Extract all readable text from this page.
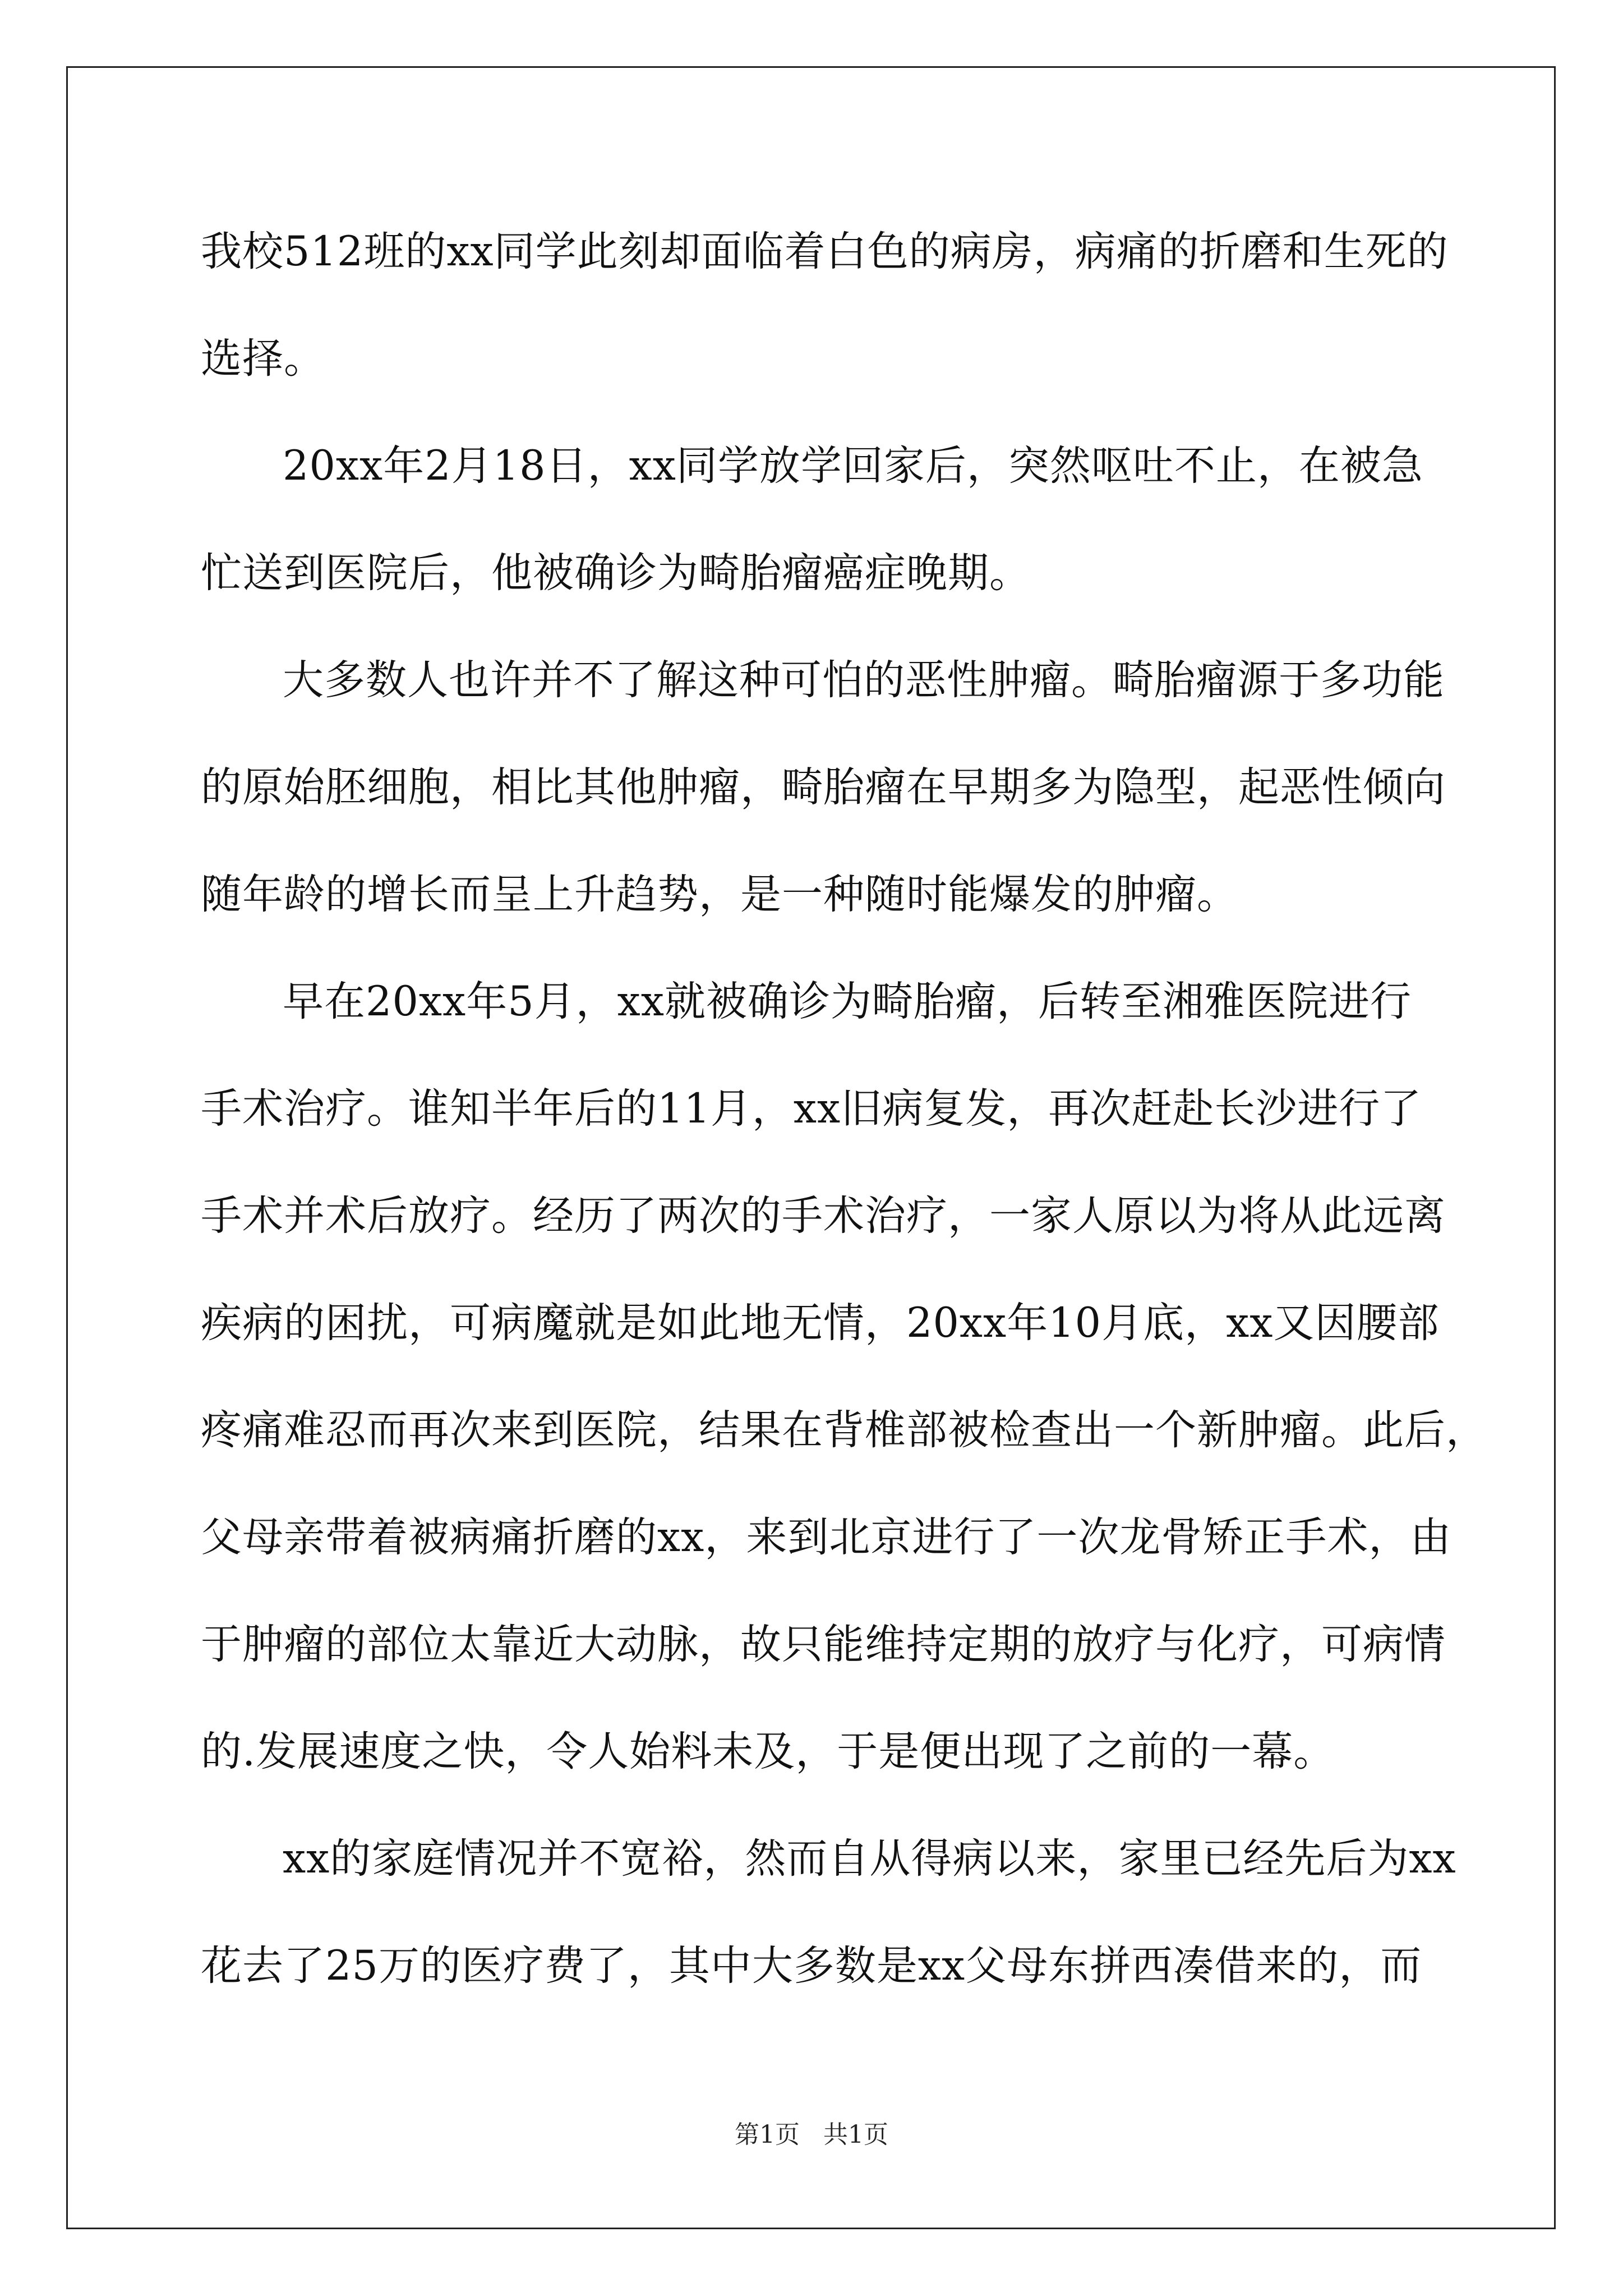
我校512班的xx同学此刻却面临着白色的病房，病痛的折磨和生死的
选择。
20xx年2月18日，xx同学放学回家后，突然呕吐不止，在被急
忙送到医院后，他被确诊为畸胎瘤癌症晚期。
大多数人也许并不了解这种可怕的恶性肿瘤。畸胎瘤源于多功能
的原始胚细胞，相比其他肿瘤，畸胎瘤在早期多为隐型，起恶性倾向
随年龄的增长而呈上升趋势，是一种随时能爆发的肿瘤。
早在20xx年5月，xx就被确诊为畸胎瘤，后转至湘雅医院进行
手术治疗。谁知半年后的11月，xx旧病复发，再次赶赴长沙进行了
手术并术后放疗。经历了两次的手术治疗，一家人原以为将从此远离
疾病的困扰，可病魔就是如此地无情，20xx年10月底，xx又因腰部
疼痛难忍而再次来到医院，结果在背椎部被检查出一个新肿瘤。此后，
父母亲带着被病痛折磨的xx，来到北京进行了一次龙骨矫正手术，由
于肿瘤的部位太靠近大动脉，故只能维持定期的放疗与化疗，可病情
的.发展速度之快，令人始料未及，于是便出现了之前的一幕。
xx的家庭情况并不宽裕，然而自从得病以来，家里已经先后为xx
花去了25万的医疗费了，其中大多数是xx父母东拼西凑借来的，而
第1页   共1页
